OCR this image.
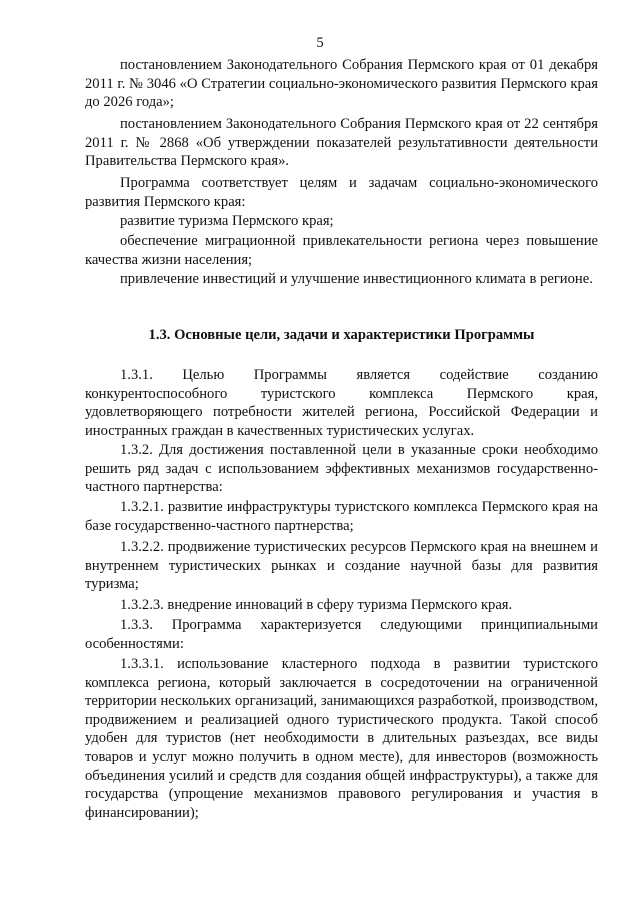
5

постановлением Законодательного Собрания Пермского края от 01 декабря 2011 г. № 3046 «О Стратегии социально-экономического развития Пермского края до 2026 года»;

постановлением Законодательного Собрания Пермского края от 22 сентября 2011 г. № 2868 «Об утверждении показателей результативности деятельности Правительства Пермского края».

Программа соответствует целям и задачам социально-экономического развития Пермского края:

развитие туризма Пермского края;

обеспечение миграционной привлекательности региона через повышение качества жизни населения;

привлечение инвестиций и улучшение инвестиционного климата в регионе.

1.3. Основные цели, задачи и характеристики Программы

1.3.1. Целью Программы является содействие созданию конкурентоспособного туристского комплекса Пермского края, удовлетворяющего потребности жителей региона, Российской Федерации и иностранных граждан в качественных туристических услугах.

1.3.2. Для достижения поставленной цели в указанные сроки необходимо решить ряд задач с использованием эффективных механизмов государственно-частного партнерства:

1.3.2.1. развитие инфраструктуры туристского комплекса Пермского края на базе государственно-частного партнерства;

1.3.2.2. продвижение туристических ресурсов Пермского края на внешнем и внутреннем туристических рынках и создание научной базы для развития туризма;

1.3.2.3. внедрение инноваций в сферу туризма Пермского края.

1.3.3. Программа характеризуется следующими принципиальными особенностями:

1.3.3.1. использование кластерного подхода в развитии туристского комплекса региона, который заключается в сосредоточении на ограниченной территории нескольких организаций, занимающихся разработкой, производством, продвижением и реализацией одного туристического продукта. Такой способ удобен для туристов (нет необходимости в длительных разъездах, все виды товаров и услуг можно получить в одном месте), для инвесторов (возможность объединения усилий и средств для создания общей инфраструктуры), а также для государства (упрощение механизмов правового регулирования и участия в финансировании);
